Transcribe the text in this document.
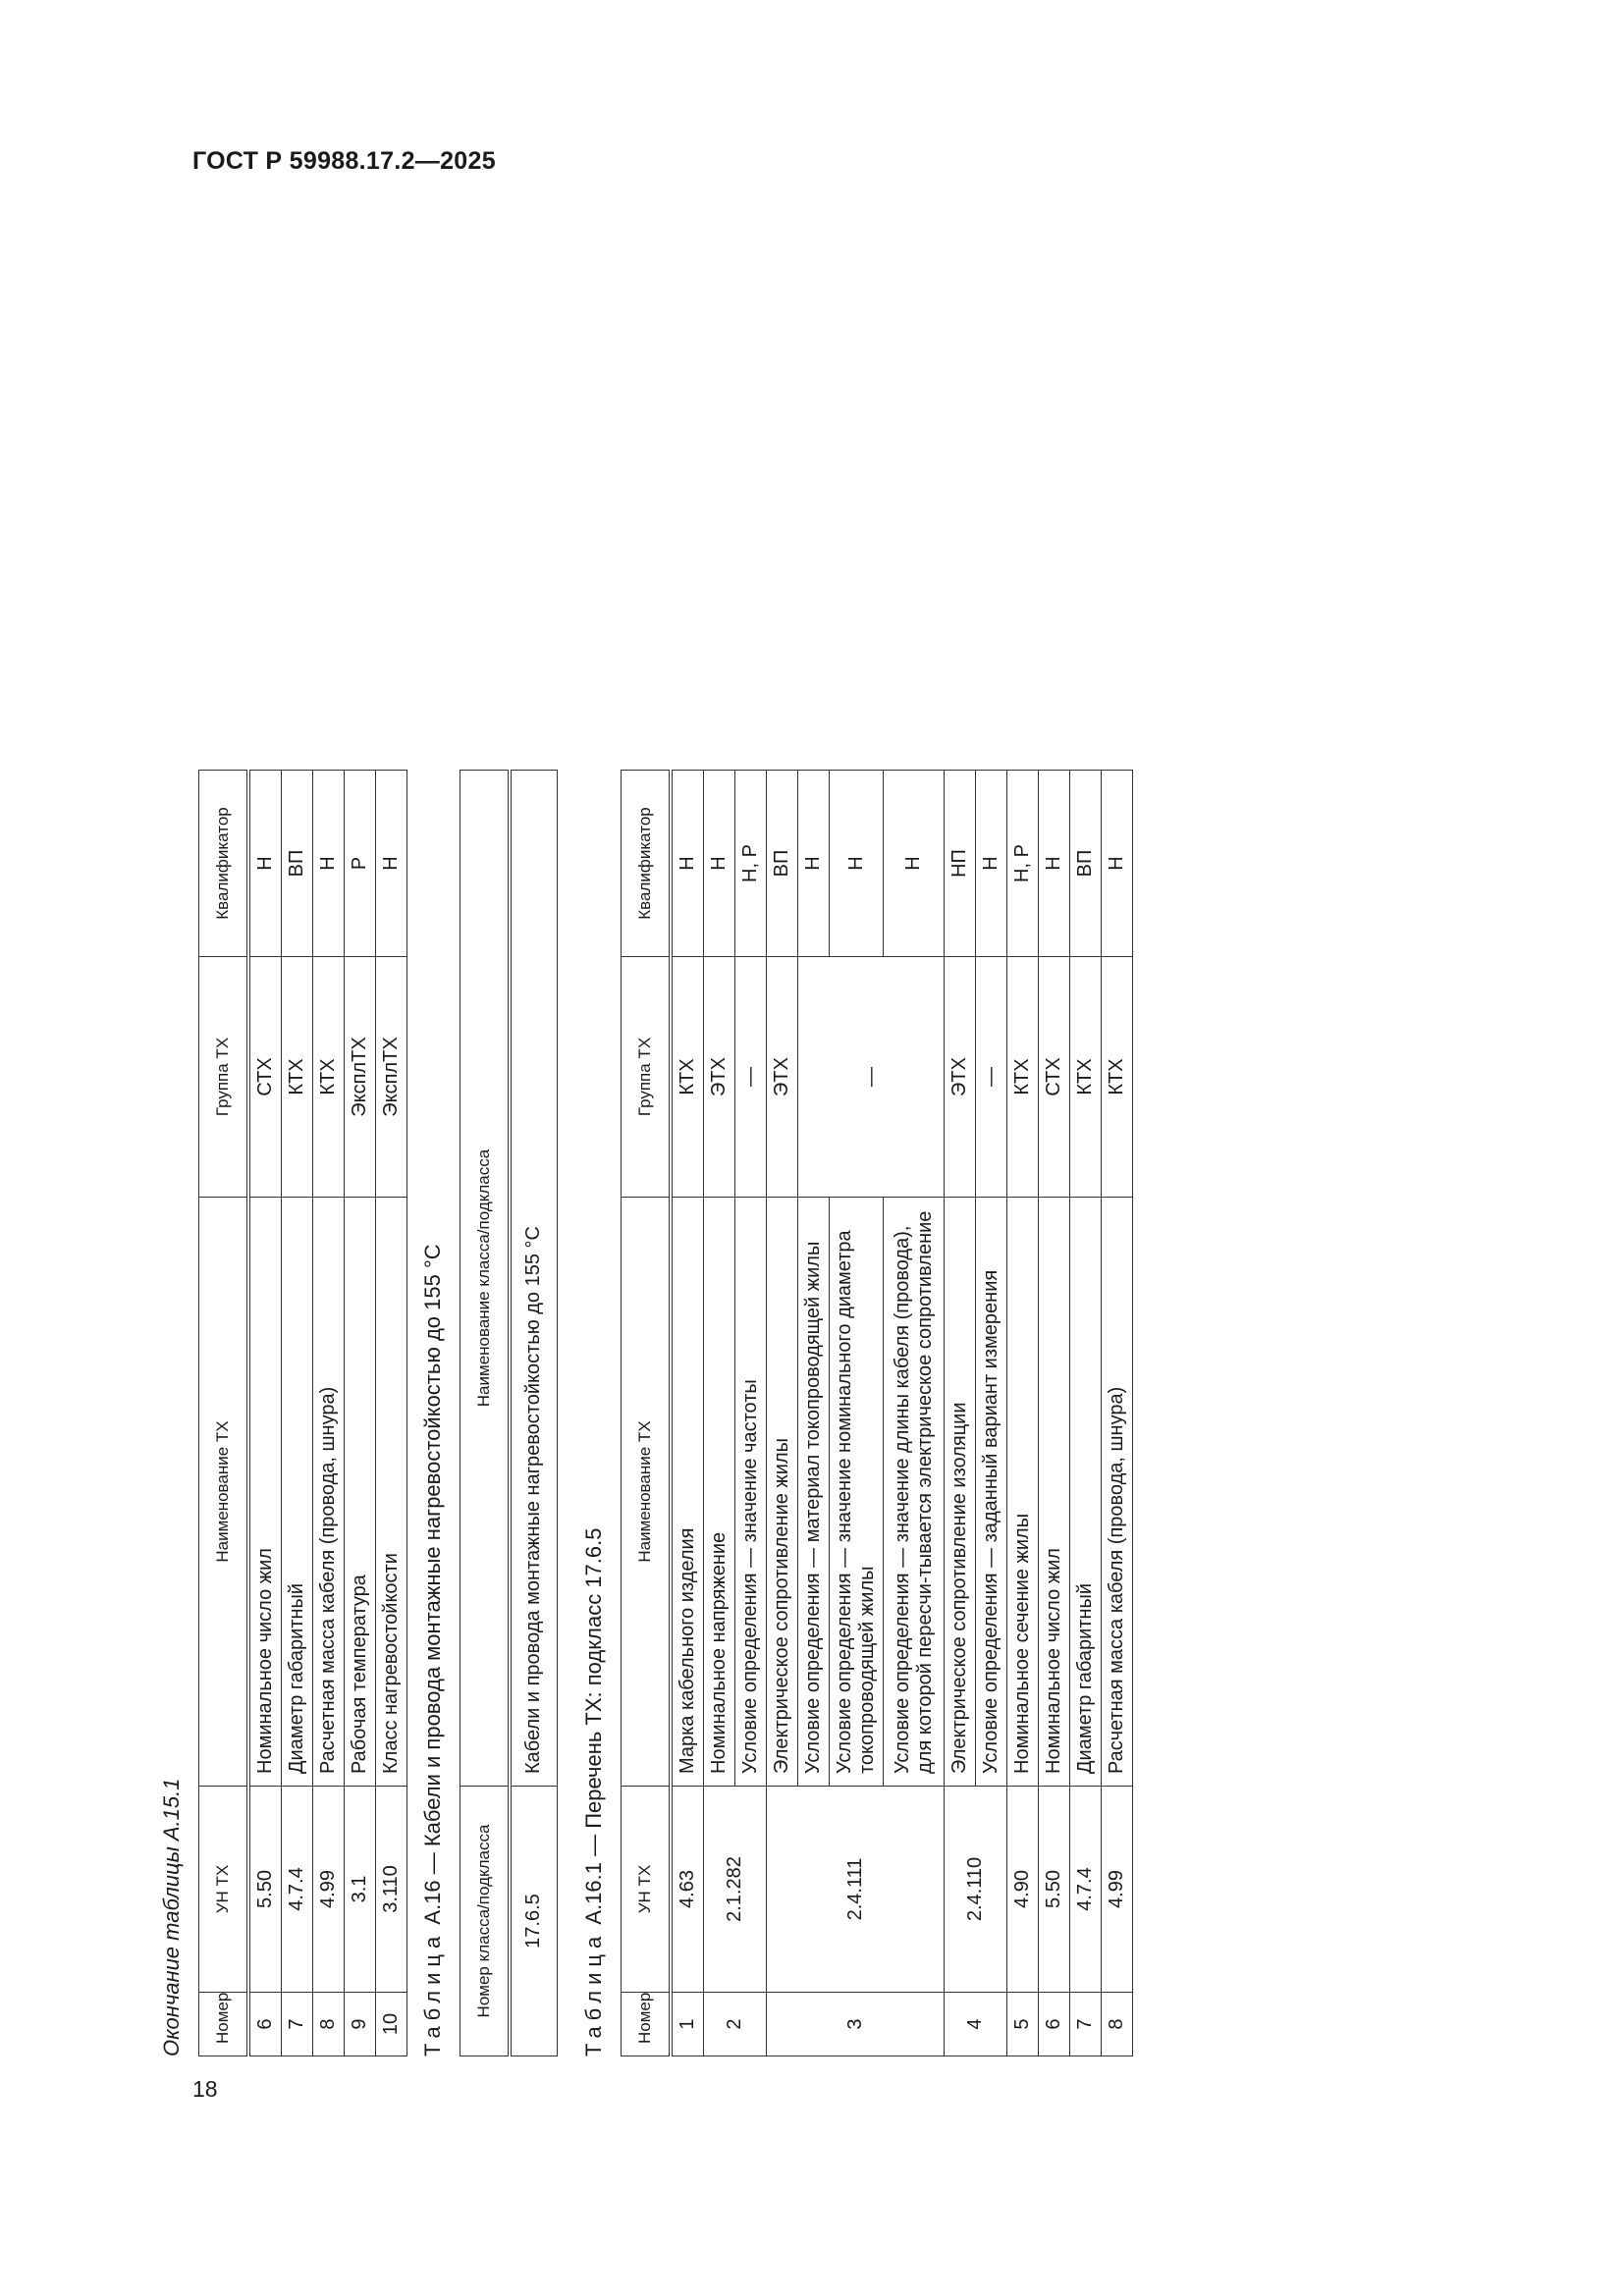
ГОСТ Р 59988.17.2—2025
18
Окончание таблицы А.15.1 Номер	УН ТХ	Наименование ТХ	Группа ТХ	Квалификатор
6	5.50	Номинальное число жил	СТХ	Н
7	4.7.4	Диаметр габаритный	КТХ	ВП
8	4.99	Расчетная масса кабеля (провода, шнура)	КТХ	Н
9	3.1	Рабочая температура	ЭксплТХ	Р
10	3.110	Класс нагревостойкости	ЭксплТХ	Н
Таблица А.16 — Кабели и провода монтажные нагревостойкостью до 155 °С Номер класса/подкласса	Наименование класса/подкласса
17.6.5	Кабели и провода монтажные нагревостойкостью до 155 °С
Таблица А.16.1 — Перечень ТХ: подкласс 17.6.5
Номер	УН ТХ	Наименование ТХ	Группа ТХ	Квалификатор
1	4.63	Марка кабельного изделия	КТХ	Н
2	2.1.282	Номинальное напряжение	ЭТХ	Н
		Условие определения — значение частоты	—	Н, Р
3	2.4.111	Электрическое сопротивление жилы	ЭТХ	ВП
		Условие определения — материал токопроводящей жилы	—	Н
		Условие определения — значение номинального диаметра токопроводящей жилы		Н
		Условие определения — значение длины кабеля (провода), для которой пересчи-тывается электрическое сопротивление		Н
4	2.4.110	Электрическое сопротивление изоляции	ЭТХ	НП
		Условие определения — заданный вариант измерения	—	Н
5	4.90	Номинальное сечение жилы	КТХ	Н, Р
6	5.50	Номинальное число жил	СТХ	Н
7	4.7.4	Диаметр габаритный	КТХ	ВП
8	4.99	Расчетная масса кабеля (провода, шнура)	КТХ	Н
